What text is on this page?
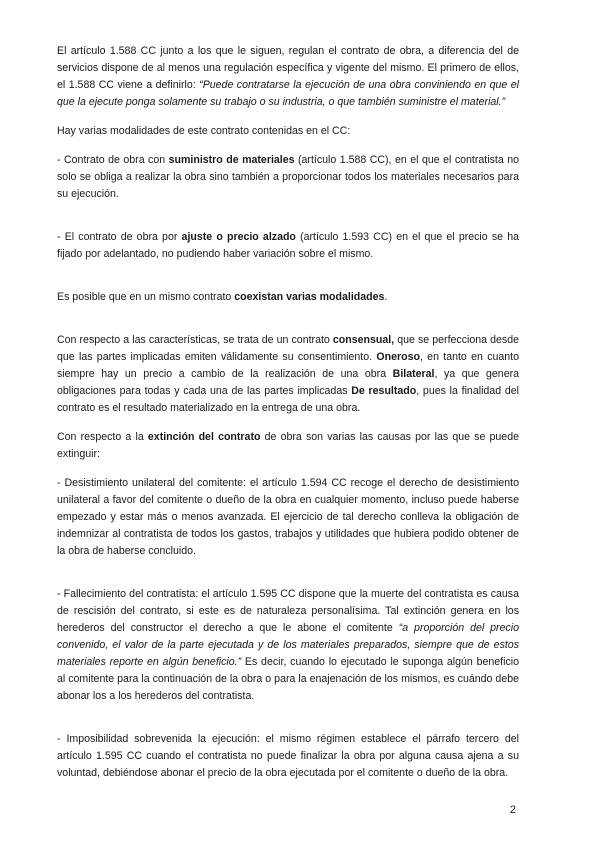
El artículo 1.588 CC junto a los que le siguen, regulan el contrato de obra, a diferencia del de servicios dispone de al menos una regulación específica y vigente del mismo. El primero de ellos, el 1.588 CC viene a definirlo: “Puede contratarse la ejecución de una obra conviniendo en que el que la ejecute ponga solamente su trabajo o su industria, o que también suministre el material.”

Hay varias modalidades de este contrato contenidas en el CC:

- Contrato de obra con suministro de materiales (artículo 1.588 CC), en el que el contratista no solo se obliga a realizar la obra sino también a proporcionar todos los materiales necesarios para su ejecución.

- El contrato de obra por ajuste o precio alzado (artículo 1.593 CC) en el que el precio se ha fijado por adelantado, no pudiendo haber variación sobre el mismo.

Es posible que en un mismo contrato coexistan varias modalidades.

Con respecto a las características, se trata de un contrato consensual, que se perfecciona desde que las partes implicadas emiten válidamente su consentimiento. Oneroso, en tanto en cuanto siempre hay un precio a cambio de la realización de una obra Bilateral, ya que genera obligaciones para todas y cada una de las partes implicadas De resultado, pues la finalidad del contrato es el resultado materializado en la entrega de una obra.

Con respecto a la extinción del contrato de obra son varias las causas por las que se puede extinguir:

- Desistimiento unilateral del comitente: el artículo 1.594 CC recoge el derecho de desistimiento unilateral a favor del comitente o dueño de la obra en cualquier momento, incluso puede haberse empezado y estar más o menos avanzada. El ejercicio de tal derecho conlleva la obligación de indemnizar al contratista de todos los gastos, trabajos y utilidades que hubiera podido obtener de la obra de haberse concluido.

- Fallecimiento del contratista: el artículo 1.595 CC dispone que la muerte del contratista es causa de rescisión del contrato, si este es de naturaleza personalísima. Tal extinción genera en los herederos del constructor el derecho a que le abone el comitente “a proporción del precio convenido, el valor de la parte ejecutada y de los materiales preparados, siempre que de estos materiales reporte en algún beneficio.” Es decir, cuando lo ejecutado le suponga algún beneficio al comitente para la continuación de la obra o para la enajenación de los mismos, es cuándo debe abonar los a los herederos del contratista.

- Imposibilidad sobrevenida la ejecución: el mismo régimen establece el párrafo tercero del artículo 1.595 CC cuando el contratista no puede finalizar la obra por alguna causa ajena a su voluntad, debiéndose abonar el precio de la obra ejecutada por el comitente o dueño de la obra.

2
